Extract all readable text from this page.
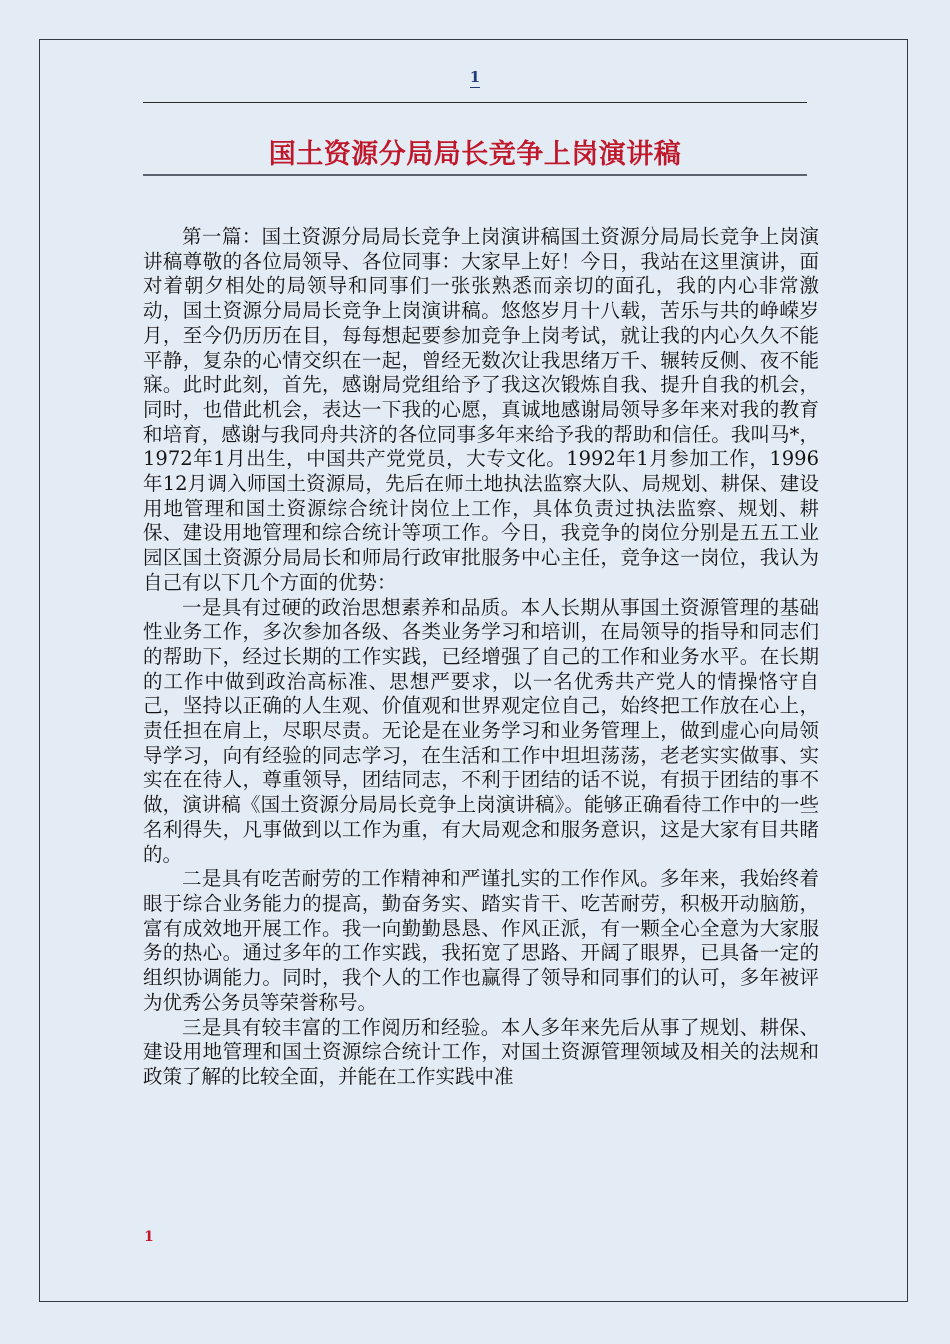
1
国土资源分局局长竞争上岗演讲稿

第一篇：国土资源分局局长竞争上岗演讲稿国土资源分局局长竞争上岗演讲稿尊敬的各位局领导、各位同事：大家早上好！今日，我站在这里演讲，面对着朝夕相处的局领导和同事们一张张熟悉而亲切的面孔，我的内心非常激动，国土资源分局局长竞争上岗演讲稿。悠悠岁月十八载，苦乐与共的峥嵘岁月，至今仍历历在目，每每想起要参加竞争上岗考试，就让我的内心久久不能平静，复杂的心情交织在一起，曾经无数次让我思绪万千、辗转反侧、夜不能寐。此时此刻，首先，感谢局党组给予了我这次锻炼自我、提升自我的机会，同时，也借此机会，表达一下我的心愿，真诚地感谢局领导多年来对我的教育和培育，感谢与我同舟共济的各位同事多年来给予我的帮助和信任。我叫马*，1972年1月出生，中国共产党党员，大专文化。1992年1月参加工作，1996年12月调入师国土资源局，先后在师土地执法监察大队、局规划、耕保、建设用地管理和国土资源综合统计岗位上工作，具体负责过执法监察、规划、耕保、建设用地管理和综合统计等项工作。今日，我竞争的岗位分别是五五工业园区国土资源分局局长和师局行政审批服务中心主任，竞争这一岗位，我认为自己有以下几个方面的优势：

一是具有过硬的政治思想素养和品质。本人长期从事国土资源管理的基础性业务工作，多次参加各级、各类业务学习和培训，在局领导的指导和同志们的帮助下，经过长期的工作实践，已经增强了自己的工作和业务水平。在长期的工作中做到政治高标准、思想严要求，以一名优秀共产党人的情操恪守自己，坚持以正确的人生观、价值观和世界观定位自己，始终把工作放在心上，责任担在肩上，尽职尽责。无论是在业务学习和业务管理上，做到虚心向局领导学习，向有经验的同志学习，在生活和工作中坦坦荡荡，老老实实做事、实实在在待人，尊重领导，团结同志，不利于团结的话不说，有损于团结的事不做，演讲稿《国土资源分局局长竞争上岗演讲稿》。能够正确看待工作中的一些名利得失，凡事做到以工作为重，有大局观念和服务意识，这是大家有目共睹的。

二是具有吃苦耐劳的工作精神和严谨扎实的工作作风。多年来，我始终着眼于综合业务能力的提高，勤奋务实、踏实肯干、吃苦耐劳，积极开动脑筋，富有成效地开展工作。我一向勤勤恳恳、作风正派，有一颗全心全意为大家服务的热心。通过多年的工作实践，我拓宽了思路、开阔了眼界，已具备一定的组织协调能力。同时，我个人的工作也赢得了领导和同事们的认可，多年被评为优秀公务员等荣誉称号。

三是具有较丰富的工作阅历和经验。本人多年来先后从事了规划、耕保、建设用地管理和国土资源综合统计工作，对国土资源管理领域及相关的法规和政策了解的比较全面，并能在工作实践中准

1
